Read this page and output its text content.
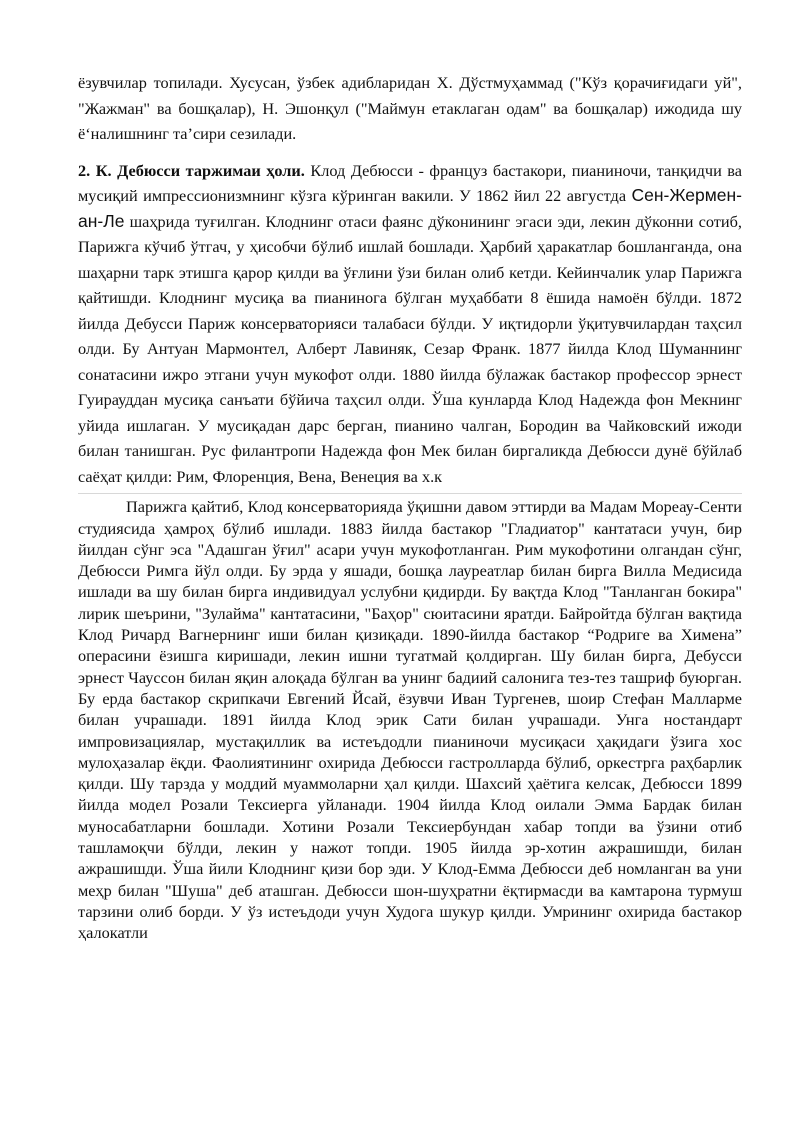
ёзувчилар топилади. Хусусан, ўзбек адибларидан Х. Дўстмуҳаммад ("Кўз қорачиғидаги уй", "Жажман" ва бошқалар), Н. Эшонқул ("Маймун етаклаган одам" ва бошқалар) ижодида шу ё‘налишнинг та’сири сезилади.

2. К. Дебюсси таржимаи ҳоли. Клод Дебюсси - француз бастакори, пианиночи, танқидчи ва мусиқий импрессионизмнинг кўзга кўринган вакили. У 1862 йил 22 августда Сен-Жермен-ан-Ле шаҳрида туғилган. Клоднинг отаси фаянс дўконининг эгаси эди, лекин дўконни сотиб, Парижга кўчиб ўтгач, у ҳисобчи бўлиб ишлай бошлади. Ҳарбий ҳаракатлар бошланганда, она шаҳарни тарк этишга қарор қилди ва ўғлини ўзи билан олиб кетди. Кейинчалик улар Парижга қайтишди. Клоднинг мусиқа ва пианинога бўлган муҳаббати 8 ёшида намоён бўлди. 1872 йилда Дебусси Париж консерваторияси талабаси бўлди. У иқтидорли ўқитувчилардан таҳсил олди. Бу Антуан Мармонтел, Алберт Лавиняк, Сезар Франк. 1877 йилда Клод Шуманнинг сонатасини ижро этгани учун мукофот олди. 1880 йилда бўлажак бастакор профессор эрнест Гуирауддан мусиқа санъати бўйича таҳсил олди. Ўша кунларда Клод Надежда фон Мекнинг уйида ишлаган. У мусиқадан дарс берган, пианино чалган, Бородин ва Чайковский ижоди билан танишган. Рус филантропи Надежда фон Мек билан биргаликда Дебюсси дунё бўйлаб саёҳат қилди: Рим, Флоренция, Вена, Венеция ва х.к

Парижга қайтиб, Клод консерваторияда ўқишни давом эттирди ва Мадам Мореау-Сенти студиясида ҳамроҳ бўлиб ишлади. 1883 йилда бастакор "Гладиатор" кантатаси учун, бир йилдан сўнг эса "Адашган ўғил" асари учун мукофотланган. Рим мукофотини олгандан сўнг, Дебюсси Римга йўл олди. Бу эрда у яшади, бошқа лауреатлар билан бирга Вилла Медисида ишлади ва шу билан бирга индивидуал услубни қидирди. Бу вақтда Клод "Танланган бокира" лирик шеърини, "Зулайма" кантатасини, "Баҳор" сюитасини яратди. Байройтда бўлган вақтида Клод Ричард Вагнернинг иши билан қизиқади. 1890-йилда бастакор “Родриге ва Химена” операсини ёзишга киришади, лекин ишни тугатмай қолдирган. Шу билан бирга, Дебусси эрнест Чауссон билан яқин алоқада бўлган ва унинг бадиий салонига тез-тез ташриф буюрган. Бу ерда бастакор скрипкачи Евгений Йсай, ёзувчи Иван Тургенев, шоир Стефан Малларме билан учрашади. 1891 йилда Клод эрик Сати билан учрашади. Унга ностандарт импровизациялар, мустақиллик ва истеъдодли пианиночи мусиқаси ҳақидаги ўзига хос мулоҳазалар ёқди. Фаолиятининг охирида Дебюсси гастролларда бўлиб, оркестрга раҳбарлик қилди. Шу тарзда у моддий муаммоларни ҳал қилди. Шахсий ҳаётига келсак, Дебюсси 1899 йилда модел Розали Тексиерга уйланади. 1904 йилда Клод оилали Эмма Бардак билан муносабатларни бошлади. Хотини Розали Тексиербундан хабар топди ва ўзини отиб ташламоқчи бўлди, лекин у нажот топди. 1905 йилда эр-хотин ажрашишди, билан ажрашишди. Ўша йили Клоднинг қизи бор эди. У Клод-Емма Дебюсси деб номланган ва уни меҳр билан "Шуша" деб аташган. Дебюсси шон-шуҳратни ёқтирмасди ва камтарона турмуш тарзини олиб борди. У ўз истеъдоди учун Худога шукур қилди. Умрининг охирида бастакор ҳалокатли
